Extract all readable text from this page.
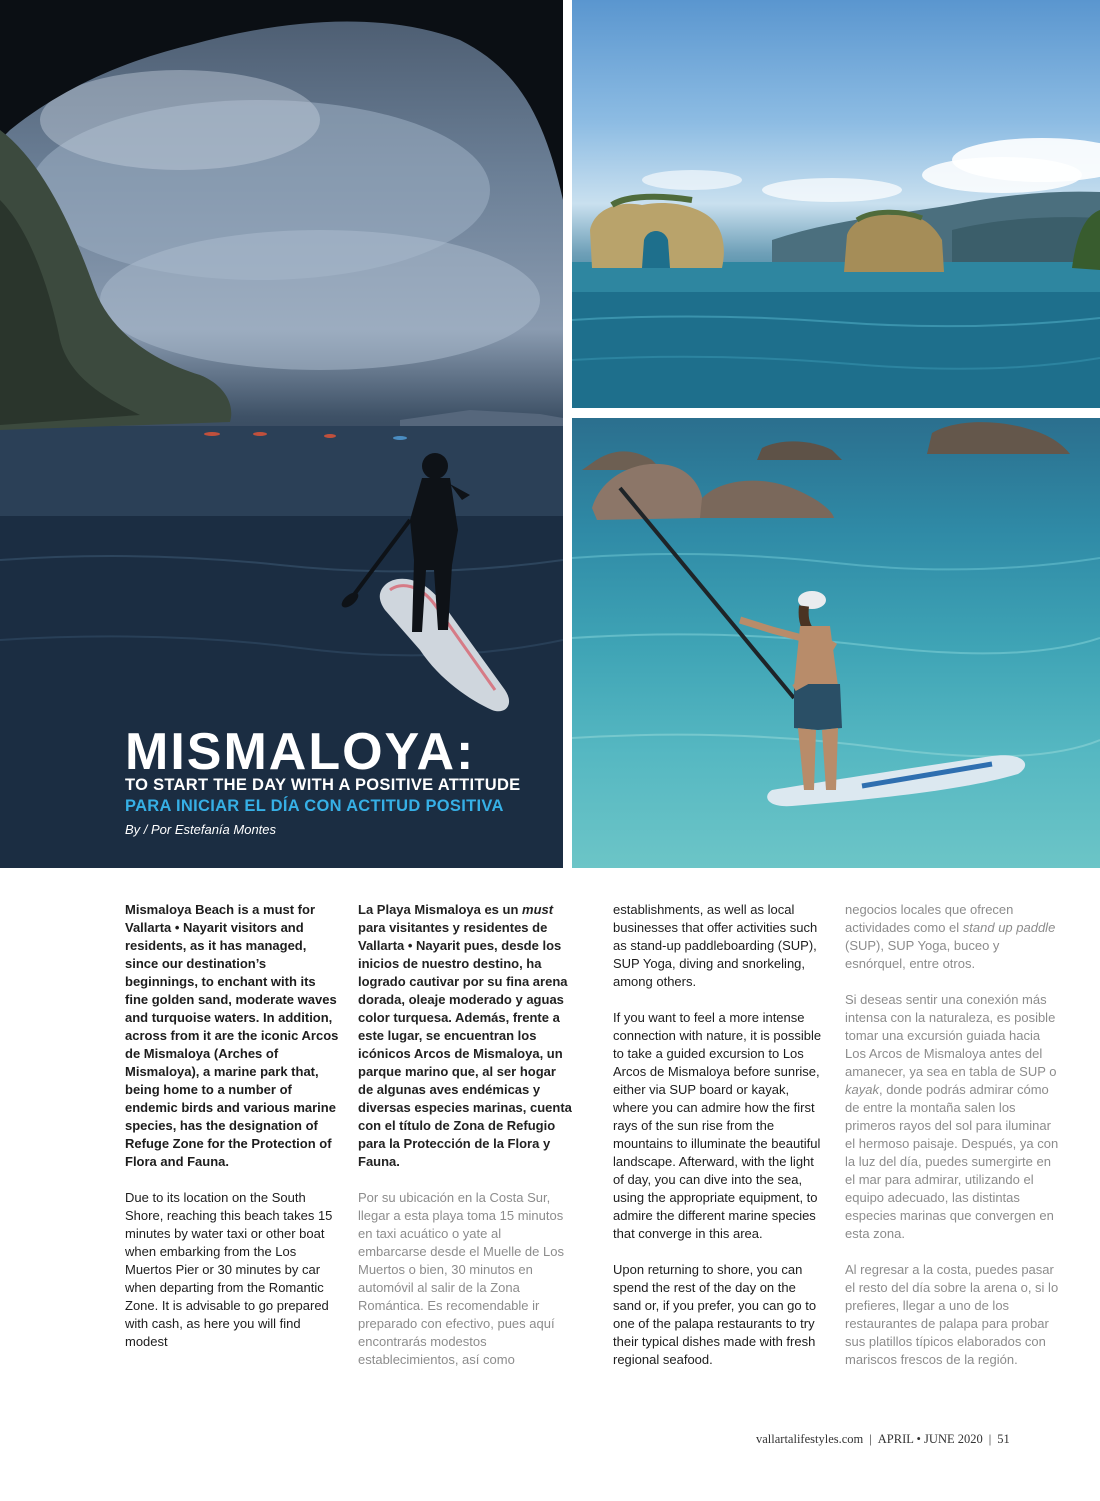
MISMALOYA:

TO START THE DAY WITH A POSITIVE ATTITUDE

PARA INICIAR EL DÍA CON ACTITUD POSITIVA

By / Por Estefanía Montes

Mismaloya Beach is a must for Vallarta • Nayarit visitors and residents, as it has managed, since our destination’s beginnings, to enchant with its fine golden sand, moderate waves and turquoise waters. In addition, across from it are the iconic Arcos de Mismaloya (Arches of Mismaloya), a marine park that, being home to a number of endemic birds and various marine species, has the designation of Refuge Zone for the Protection of Flora and Fauna.

Due to its location on the South Shore, reaching this beach takes 15 minutes by water taxi or other boat when embarking from the Los Muertos Pier or 30 minutes by car when departing from the Romantic Zone. It is advisable to go prepared with cash, as here you will find modest

La Playa Mismaloya es un must para visitantes y residentes de Vallarta • Nayarit pues, desde los inicios de nuestro destino, ha logrado cautivar por su fina arena dorada, oleaje moderado y aguas color turquesa. Además, frente a este lugar, se encuentran los icónicos Arcos de Mismaloya, un parque marino que, al ser hogar de algunas aves endémicas y diversas especies marinas, cuenta con el título de Zona de Refugio para la Protección de la Flora y Fauna.

Por su ubicación en la Costa Sur, llegar a esta playa toma 15 minutos en taxi acuático o yate al embarcarse desde el Muelle de Los Muertos o bien, 30 minutos en automóvil al salir de la Zona Romántica. Es recomendable ir preparado con efectivo, pues aquí encontrarás modestos establecimientos, así como

establishments, as well as local businesses that offer activities such as stand-up paddleboarding (SUP), SUP Yoga, diving and snorkeling, among others.

If you want to feel a more intense connection with nature, it is possible to take a guided excursion to Los Arcos de Mismaloya before sunrise, either via SUP board or kayak, where you can admire how the first rays of the sun rise from the mountains to illuminate the beautiful landscape. Afterward, with the light of day, you can dive into the sea, using the appropriate equipment, to admire the different marine species that converge in this area.

Upon returning to shore, you can spend the rest of the day on the sand or, if you prefer, you can go to one of the palapa restaurants to try their typical dishes made with fresh regional seafood.

negocios locales que ofrecen actividades como el stand up paddle (SUP), SUP Yoga, buceo y esnórquel, entre otros.

Si deseas sentir una conexión más intensa con la naturaleza, es posible tomar una excursión guiada hacia Los Arcos de Mismaloya antes del amanecer, ya sea en tabla de SUP o kayak, donde podrás admirar cómo de entre la montaña salen los primeros rayos del sol para iluminar el hermoso paisaje. Después, ya con la luz del día, puedes sumergirte en el mar para admirar, utilizando el equipo adecuado, las distintas especies marinas que convergen en esta zona.

Al regresar a la costa, puedes pasar el resto del día sobre la arena o, si lo prefieres, llegar a uno de los restaurantes de palapa para probar sus platillos típicos elaborados con mariscos frescos de la región.

vallartalifestyles.com | APRIL • JUNE 2020 | 51
